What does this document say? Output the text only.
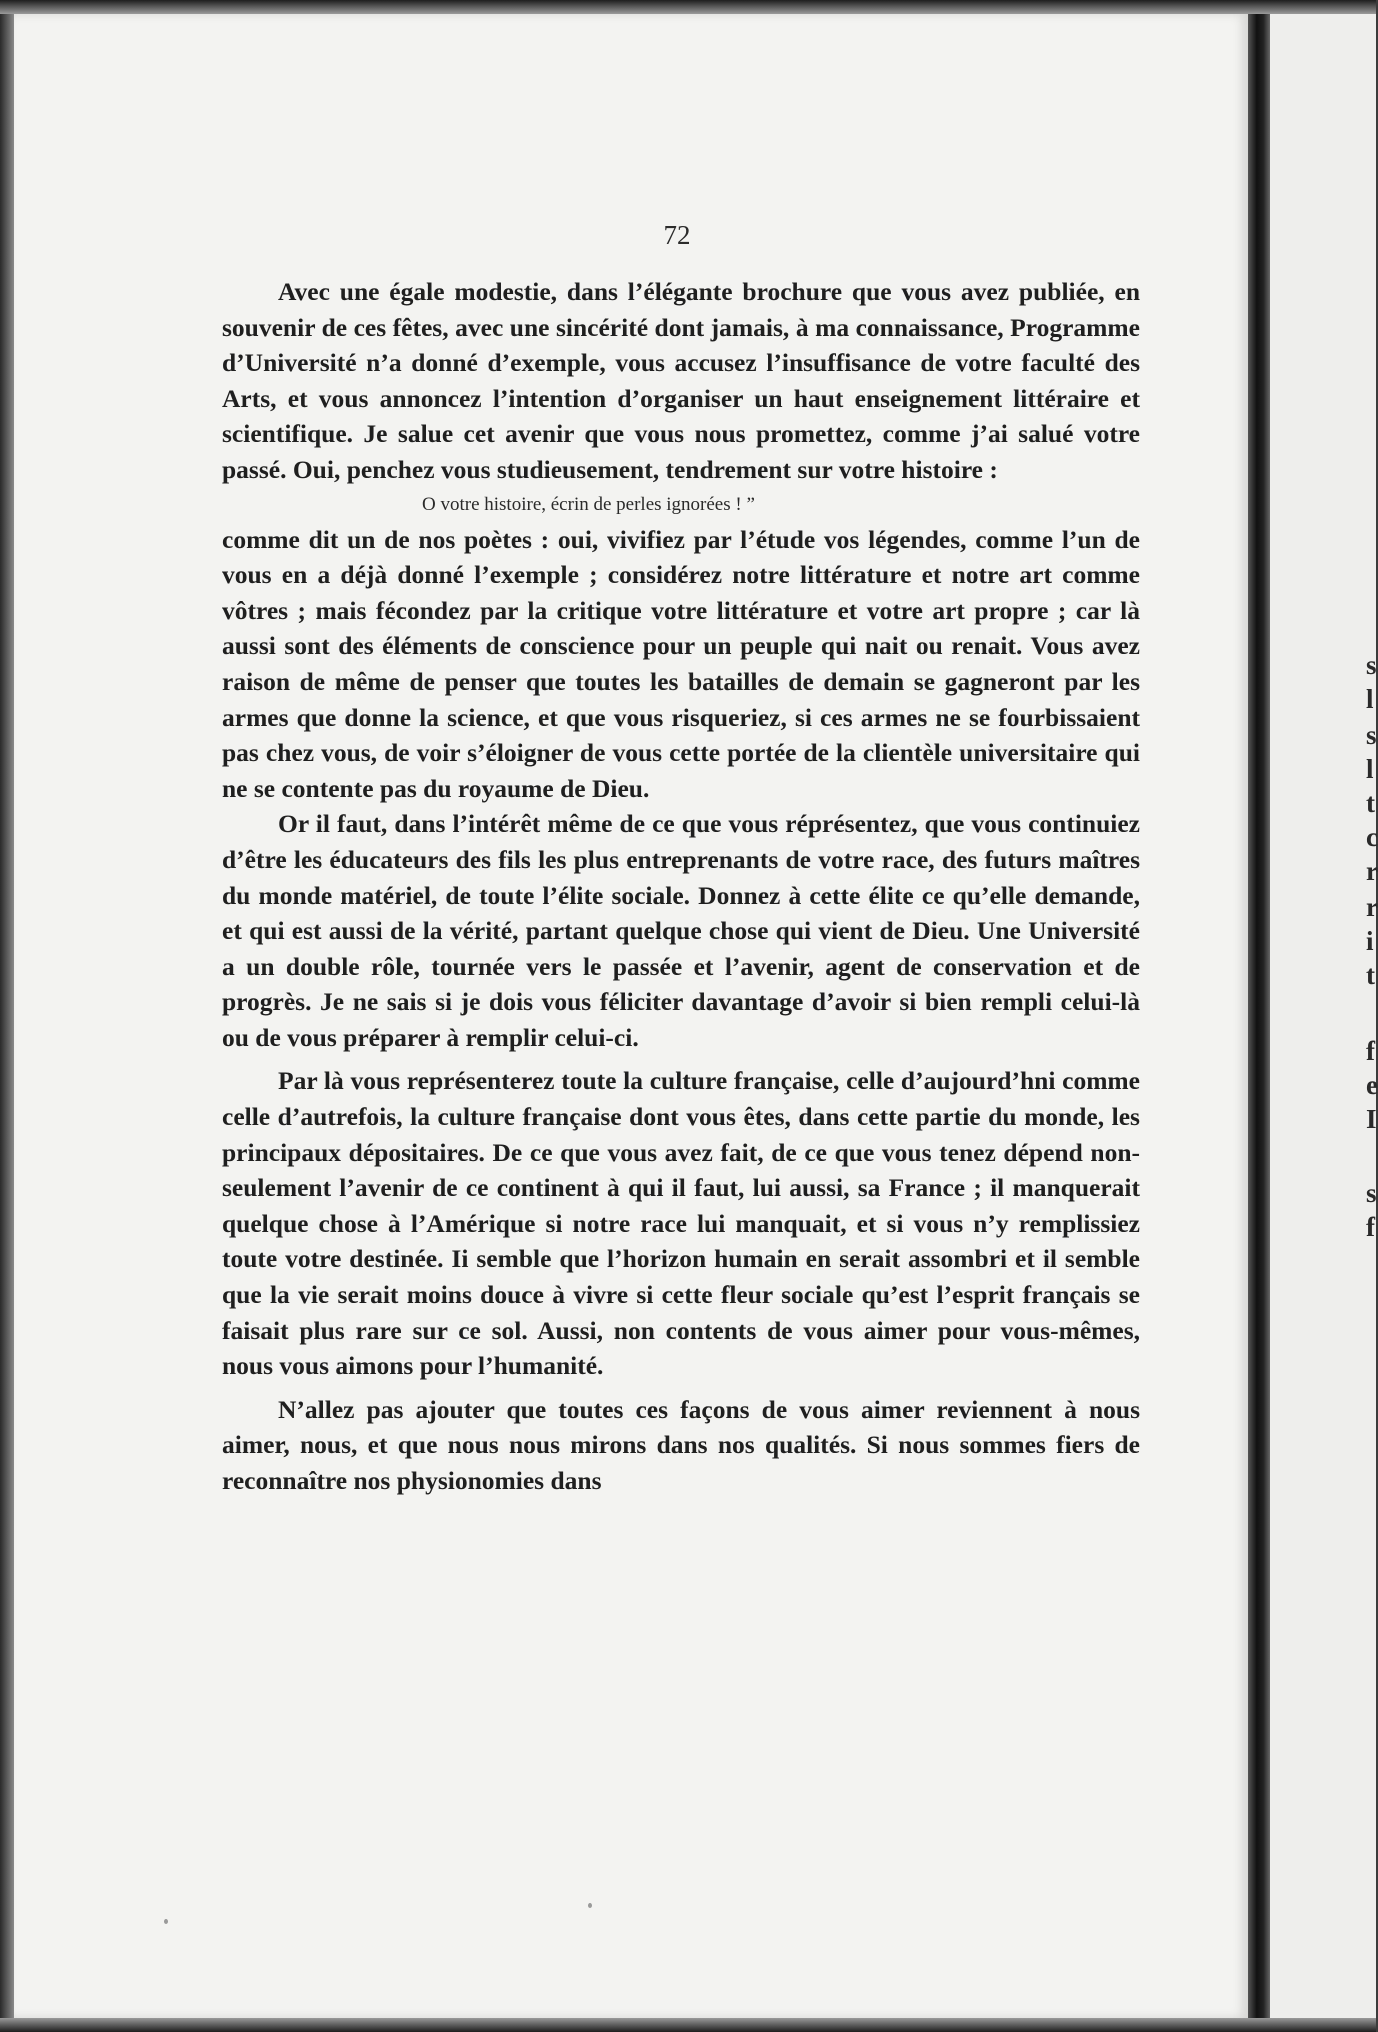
72

Avec une égale modestie, dans l’élégante brochure que vous avez publiée, en souvenir de ces fêtes, avec une sincérité dont jamais, à ma connaissance, Programme d’Université n’a donné d’exemple, vous accusez l’insuffisance de votre faculté des Arts, et vous annoncez l’intention d’organiser un haut enseignement littéraire et scientifique. Je salue cet avenir que vous nous promettez, comme j’ai salué votre passé. Oui, penchez vous studieusement, tendrement sur votre histoire :

O votre histoire, écrin de perles ignorées ! ”

comme dit un de nos poètes : oui, vivifiez par l’étude vos légendes, comme l’un de vous en a déjà donné l’exemple ; considérez notre littérature et notre art comme vôtres ; mais fécondez par la critique votre littérature et votre art propre ; car là aussi sont des éléments de conscience pour un peuple qui nait ou renait. Vous avez raison de même de penser que toutes les batailles de demain se gagneront par les armes que donne la science, et que vous risqueriez, si ces armes ne se fourbissaient pas chez vous, de voir s’éloigner de vous cette portée de la clientèle universitaire qui ne se contente pas du royaume de Dieu.

Or il faut, dans l’intérêt même de ce que vous réprésentez, que vous continuiez d’être les éducateurs des fils les plus entreprenants de votre race, des futurs maîtres du monde matériel, de toute l’élite sociale. Donnez à cette élite ce qu’elle demande, et qui est aussi de la vérité, partant quelque chose qui vient de Dieu. Une Université a un double rôle, tournée vers le passée et l’avenir, agent de conservation et de progrès. Je ne sais si je dois vous féliciter davantage d’avoir si bien rempli celui-là ou de vous préparer à remplir celui-ci.

Par là vous représenterez toute la culture française, celle d’aujourd’hni comme celle d’autrefois, la culture française dont vous êtes, dans cette partie du monde, les principaux dépositaires. De ce que vous avez fait, de ce que vous tenez dépend non-seulement l’avenir de ce continent à qui il faut, lui aussi, sa France ; il manquerait quelque chose à l’Amérique si notre race lui manquait, et si vous n’y remplissiez toute votre destinée. Ii semble que l’horizon humain en serait assombri et il semble que la vie serait moins douce à vivre si cette fleur sociale qu’est l’esprit français se faisait plus rare sur ce sol. Aussi, non contents de vous aimer pour vous-mêmes, nous vous aimons pour l’humanité.

N’allez pas ajouter que toutes ces façons de vous aimer reviennent à nous aimer, nous, et que nous nous mirons dans nos qualités. Si nous sommes fiers de reconnaître nos physionomies dans

s
l
s
l
t
c
r
r
i
t
f
e
I
s
f
